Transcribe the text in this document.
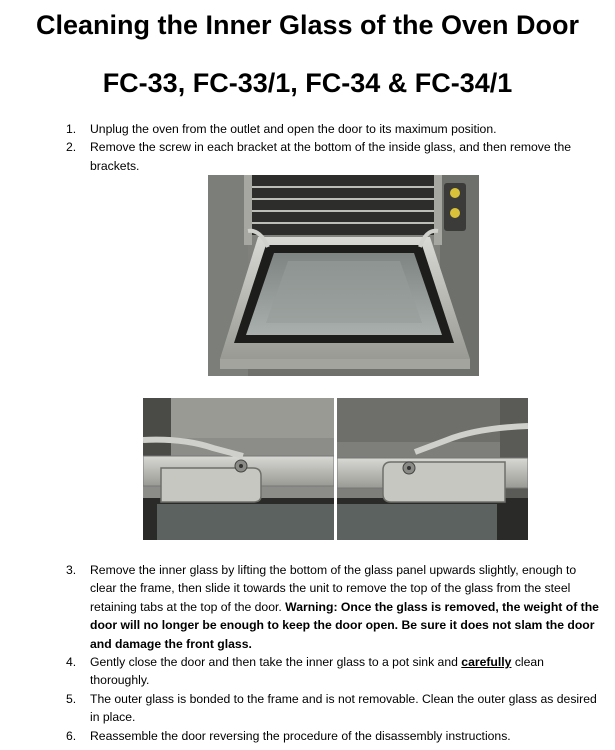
Cleaning the Inner Glass of the Oven Door
FC-33, FC-33/1, FC-34 & FC-34/1
1. Unplug the oven from the outlet and open the door to its maximum position.
2. Remove the screw in each bracket at the bottom of the inside glass, and then remove the brackets.
3. Remove the inner glass by lifting the bottom of the glass panel upwards slightly, enough to clear the frame, then slide it towards the unit to remove the top of the glass from the steel retaining tabs at the top of the door. Warning: Once the glass is removed, the weight of the door will no longer be enough to keep the door open. Be sure it does not slam the door and damage the front glass.
4. Gently close the door and then take the inner glass to a pot sink and carefully clean thoroughly.
5. The outer glass is bonded to the frame and is not removable. Clean the outer glass as desired in place.
6. Reassemble the door reversing the procedure of the disassembly instructions.
